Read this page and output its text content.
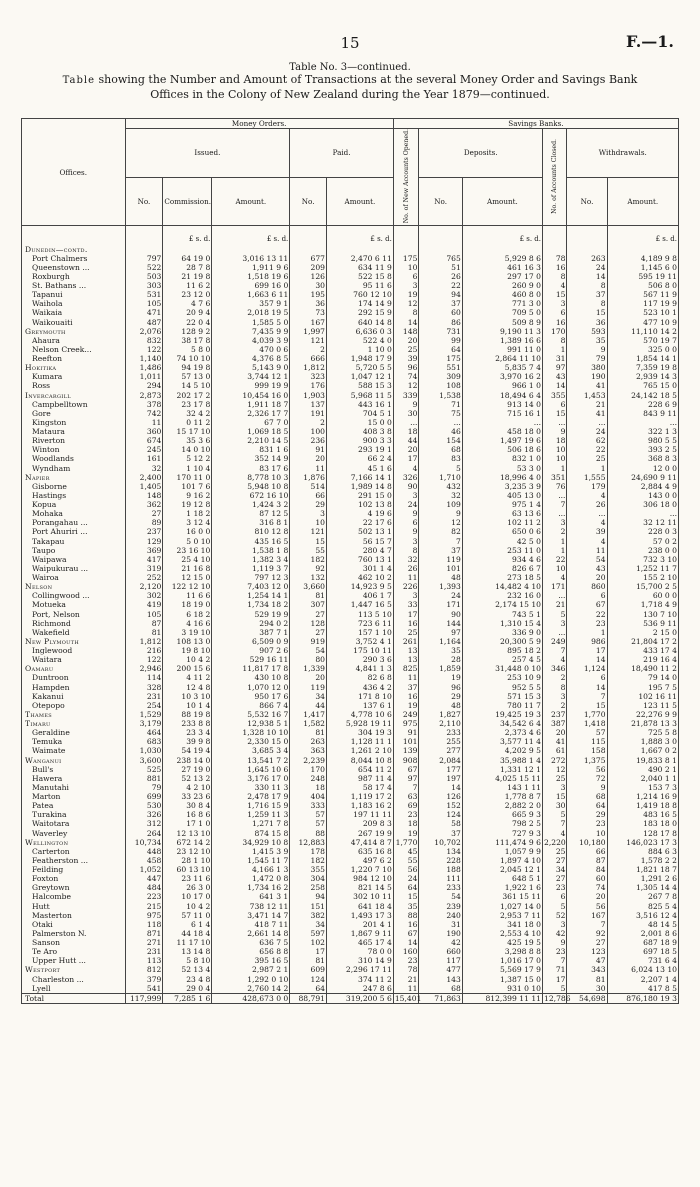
15	F.—1.
Table No. 3—continued.
Table showing the Number and Amount of Transactions at the several Money Order and Savings Bank
Offices in the Colony of New Zealand during the Year 1879—continued.
Offices.	Money Orders.					Savings Banks.					
	Issued.			Paid.		No. of New Accounts Opened.	Deposits.		No. of Accounts Closed.	Withdrawals.	
	No.	Commission.	Amount.	No.	Amount.		No.	Amount.		No.	Amount.

		£ s. d.	£ s. d.		£ s. d.			£ s. d.			£ s. d.
Dunedin—contd.											
Port Chalmers	797	64 19 0	3,016 13 11	677	2,470 6 11	175	765	5,929 8 6	78	263	4,189 9 8
Queenstown ...	522	28 7 8	1,911 9 6	209	634 11 9	10	51	461 16 3	16	24	1,145 6 0
Roxburgh	503	21 19 8	1,518 19 6	126	522 15 8	6	26	297 17 0	8	14	595 19 11
St. Bathans ...	303	11 6 2	699 16 0	30	95 11 6	3	22	260 9 0	4	8	506 8 0
Tapanui	531	23 12 0	1,663 6 11	195	760 12 10	19	94	460 8 0	15	37	567 11 9
Waihola	105	4 7 6	357 9 1	36	174 14 9	12	37	771 3 0	3	8	117 19 9
Waikaia	471	20 9 4	2,018 19 5	73	292 15 9	8	60	709 5 0	6	15	523 10 1
Waikouaiti	487	22 0 4	1,585 5 0	167	640 14 8	14	86	509 8 9	16	36	477 10 9
Greymouth	2,076	128 9 2	7,435 9 9	1,997	6,636 0 3	148	731	9,190 11 3	170	593	11,110 14 2
Ahaura	832	38 17 8	4,039 3 9	121	522 4 0	20	99	1,389 16 6	8	35	570 19 7
Nelson Creek...	122	5 8 0	470 0 6	2	1 10 0	25	64	991 11 0	1	9	325 0 0
Reefton	1,140	74 10 10	4,376 8 5	666	1,948 17 9	39	175	2,864 11 10	31	79	1,854 14 1
Hokitika	1,486	94 19 8	5,143 9 0	1,812	5,720 5 5	96	551	5,835 7 4	97	380	7,359 19 8
Kumara	1,011	57 13 0	3,744 12 1	323	1,047 12 1	74	309	3,970 16 2	43	190	2,939 14 3
Ross	294	14 5 10	999 19 9	176	588 15 3	12	108	966 1 0	14	41	765 15 0
Invercargill	2,873	202 17 2	10,454 16 0	1,903	5,968 11 5	339	1,538	18,494 6 4	355	1,453	24,142 18 5
Campbelltown	378	23 17 8	1,911 18 7	137	443 16 1	9	71	913 14 0	6	21	228 6 9
Gore	742	32 4 2	2,326 17 7	191	704 5 1	30	75	715 16 1	15	41	843 9 11
Kingston	11	0 11 2	67 7 0	2	15 0 0	...	...	...	...	...	...
Mataura	360	15 17 10	1,069 18 5	100	408 3 8	18	46	458 18 0	9	24	322 1 3
Riverton	674	35 3 6	2,210 14 5	236	900 3 3	44	154	1,497 19 6	18	62	980 5 5
Winton	245	14 0 10	831 1 6	91	293 19 1	20	68	506 18 6	10	22	393 2 5
Woodlands	161	5 12 2	352 14 9	20	66 2 4	17	83	832 1 0	10	25	368 8 3
Wyndham	32	1 10 4	83 17 6	11	45 1 6	4	5	53 3 0	1	1	12 0 0
Napier	2,400	170 11 0	8,778 10 3	1,876	7,166 14 1	326	1,710	18,996 4 0	351	1,555	24,690 9 11
Gisborne	1,405	101 7 6	5,948 10 8	514	1,989 14 8	90	432	3,235 3 9	76	179	2,884 4 9
Hastings	148	9 16 2	672 16 10	66	291 15 0	3	32	405 13 0	...	4	143 0 0
Kopua	362	19 12 8	1,424 3 2	29	102 13 8	24	109	975 1 4	7	26	306 18 0
Mohaka	27	1 18 2	87 12 5	3	4 19 6	9	9	63 13 6	...	...	...
Porangahau ...	89	3 12 4	316 8 1	10	22 17 6	6	12	102 11 2	3	4	32 12 11
Port Ahuriri ...	237	16 0 0	810 12 8	121	502 13 1	9	82	650 0 6	2	39	228 0 3
Takapau	129	5 0 10	435 16 5	15	56 15 7	3	7	42 5 0	1	4	57 0 2
Taupo	369	23 16 10	1,538 1 8	55	280 4 7	8	37	253 11 0	1	11	238 0 0
Waipawa	417	25 4 10	1,382 3 4	182	760 13 1	32	119	934 4 6	22	54	732 3 10
Waipukurau ...	319	21 16 8	1,119 3 7	92	301 1 4	26	101	826 6 7	10	43	1,252 11 7
Wairoa	252	12 15 0	797 12 3	132	462 10 2	11	48	273 18 5	4	20	155 2 10
Nelson	2,120	122 12 10	7,403 12 0	3,660	14,923 9 5	226	1,393	14,482 4 10	171	860	15,700 2 5
Collingwood ...	302	11 6 6	1,254 14 1	81	406 1 7	3	24	232 16 0	...	6	60 0 0
Motueka	419	18 19 0	1,734 18 2	307	1,447 16 5	33	171	2,174 15 10	21	67	1,718 4 9
Port, Nelson	105	6 18 2	529 19 9	27	113 5 10	17	90	743 5 1	5	22	130 7 10
Richmond	87	4 16 6	294 0 2	128	723 6 11	16	144	1,310 15 4	3	23	536 9 11
Wakefield	81	3 19 10	387 7 1	27	157 1 10	25	97	336 9 0	...	1	2 15 0
New Plymouth	1,812	108 13 0	6,509 0 9	919	3,752 4 1	261	1,164	20,300 5 9	249	986	21,804 17 2
Inglewood	216	19 8 10	907 2 6	54	175 10 11	13	35	895 18 2	7	17	433 17 4
Waitara	122	10 4 2	529 16 11	80	290 3 6	13	28	257 4 5	4	14	219 16 4
Oamaru	2,946	200 15 6	11,817 17 8	1,339	4,841 1 3	825	1,859	31,448 0 10	346	1,124	18,490 11 2
Duntroon	114	4 11 2	430 10 8	20	82 6 8	11	19	253 10 9	2	6	79 14 0
Hampden	328	12 4 8	1,070 12 0	119	436 4 2	37	96	952 5 5	8	14	195 7 5
Kakanui	231	10 3 10	950 17 6	34	171 8 10	16	29	571 15 3	3	7	102 16 11
Otepopo	254	10 1 4	866 7 4	44	137 6 1	19	48	780 11 7	2	15	123 11 5
Thames	1,529	88 19 8	5,532 16 7	1,417	4,778 10 6	249	1,827	19,425 19 3	237	1,770	22,276 9 9
Timaru	3,179	233 8 8	12,938 5 1	1,582	5,928 19 11	975	2,110	34,542 6 4	387	1,418	21,878 13 3
Geraldine	464	23 3 4	1,328 10 10	81	304 19 3	91	233	2,373 4 6	20	57	725 5 8
Temuka	683	39 9 8	2,330 15 0	263	1,128 11 1	101	255	3,577 11 4	41	115	1,888 3 0
Waimate	1,030	54 19 4	3,685 3 4	363	1,261 2 10	139	277	4,202 9 5	61	158	1,667 0 2
Wanganui	3,600	238 14 0	13,541 7 2	2,239	8,044 10 8	908	2,084	35,988 1 4	272	1,375	19,833 8 1
Bull's	525	27 19 0	1,645 10 6	170	654 11 2	67	177	1,331 12 1	12	56	490 2 1
Hawera	881	52 13 2	3,176 17 0	248	987 11 4	97	197	4,025 15 11	25	72	2,040 1 1
Manutahi	79	4 2 10	330 11 3	18	58 17 4	7	14	143 1 11	3	9	153 7 3
Marton	699	33 23 6	2,478 17 9	404	1,119 17 2	63	126	1,778 8 7	15	68	1,214 16 9
Patea	530	30 8 4	1,716 15 9	333	1,183 16 2	69	152	2,882 2 0	30	64	1,419 18 8
Turakina	326	16 8 6	1,259 11 3	57	197 11 11	23	124	665 9 3	5	29	483 16 5
Waitotara	312	17 1 0	1,271 7 8	57	209 8 3	18	58	798 2 5	7	23	183 18 0
Waverley	264	12 13 10	874 15 8	88	267 19 9	19	37	727 9 3	4	10	128 17 8
Wellington	10,734	672 14 2	34,929 10 8	12,883	47,414 8 7	1,770	10,702	111,474 9 6	2,220	10,180	146,023 17 3
Carterton	448	23 12 10	1,415 3 9	178	635 16 8	45	134	1,057 9 9	25	66	884 6 3
Featherston ...	458	28 1 10	1,545 11 7	182	497 6 2	55	228	1,897 4 10	27	87	1,578 2 2
Feilding	1,052	60 13 10	4,166 1 3	355	1,220 7 10	56	188	2,045 12 1	34	84	1,821 18 7
Foxton	447	23 11 6	1,472 0 8	304	984 12 10	24	111	648 5 1	27	60	1,291 2 6
Greytown	484	26 3 0	1,734 16 2	258	821 14 5	64	233	1,922 1 6	23	74	1,305 14 4
Halcombe	223	10 17 0	641 3 1	94	302 10 11	15	54	361 15 11	6	20	267 7 8
Hutt	215	10 4 2	738 12 11	151	641 18 4	35	239	1,027 14 0	5	56	825 5 4
Masterton	975	57 11 0	3,471 14 7	382	1,493 17 3	88	240	2,953 7 11	52	167	3,516 12 4
Otaki	118	6 1 4	418 7 11	34	201 4 1	16	31	341 18 0	3	7	48 14 5
Palmerston N.	871	44 18 4	2,661 14 8	597	1,867 9 11	67	190	2,553 4 10	42	92	2,001 8 6
Sanson	271	11 17 10	636 7 5	102	465 17 4	14	42	425 19 5	9	27	687 18 9
Te Aro	231	13 14 8	656 8 8	17	78 0 0	160	660	3,298 8 8	23	123	697 18 5
Upper Hutt ...	113	5 8 10	395 16 5	81	310 14 9	23	117	1,016 17 0	7	47	731 6 4
Westport	812	52 13 4	2,987 2 1	609	2,296 17 11	78	477	5,569 17 9	71	343	6,024 13 10
Charleston ...	379	23 4 8	1,292 0 10	124	374 11 2	21	143	1,387 15 0	17	81	2,207 1 4
Lyell	541	29 0 4	2,760 14 2	64	247 8 6	11	68	931 0 10	5	30	417 8 5
Total	117,999	7,285 1 6	428,673 0 0	88,791	319,200 5 6	15,401	71,863	812,399 11 11	12,786	54,698	876,180 19 3
